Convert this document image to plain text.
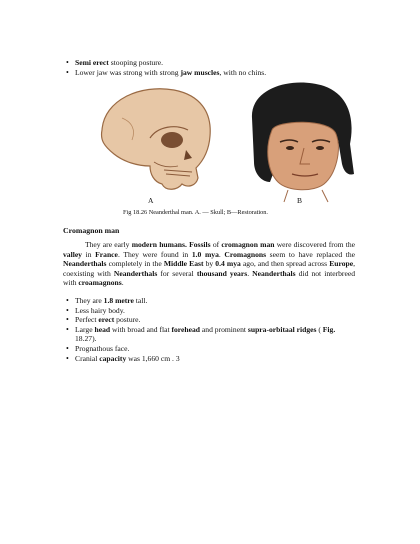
• Semi erect stooping posture.
• Lower jaw was strong with strong jaw muscles, with no chins.
A	B
Fig 18.26 Neanderthal man. A. — Skull; B—Restoration.
Cromagnon man

They are early modern humans. Fossils of cromagnon man were discovered from the valley in France. They were found in 1.0 mya. Cromagnons seem to have replaced the Neanderthals completely in the Middle East by 0.4 mya ago, and then spread across Europe, coexisting with Neanderthals for several thousand years. Neanderthals did not interbreed with croamagnons.

• They are 1.8 metre tall.
• Less hairy body.
• Perfect erect posture.
• Large head with broad and flat forehead and prominent supra-orbitaal ridges ( Fig. 18.27).
• Prognathous face.
• Cranial capacity was 1,660 cm . 3
